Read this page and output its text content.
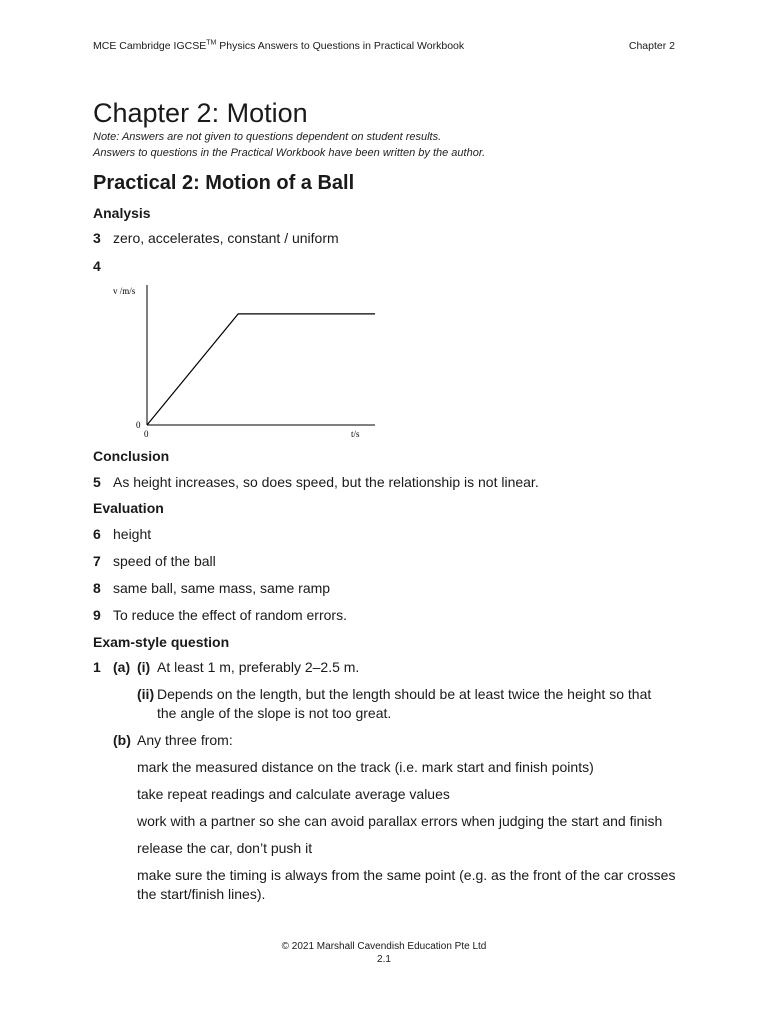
MCE Cambridge IGCSE™ Physics Answers to Questions in Practical Workbook	Chapter 2
Chapter 2: Motion
Note: Answers are not given to questions dependent on student results.
Answers to questions in the Practical Workbook have been written by the author.
Practical 2: Motion of a Ball
Analysis
3 zero, accelerates, constant / uniform
4
v /m/s
0
0	t/s
Conclusion
5 As height increases, so does speed, but the relationship is not linear.
Evaluation
6 height
7 speed of the ball
8 same ball, same mass, same ramp
9 To reduce the effect of random errors.
Exam-style question
1 (a) (i) At least 1 m, preferably 2–2.5 m.
(ii) Depends on the length, but the length should be at least twice the height so that
the angle of the slope is not too great.
(b) Any three from:
mark the measured distance on the track (i.e. mark start and finish points)
take repeat readings and calculate average values
work with a partner so she can avoid parallax errors when judging the start and finish
release the car, don’t push it
make sure the timing is always from the same point (e.g. as the front of the car crosses
the start/finish lines).
© 2021 Marshall Cavendish Education Pte Ltd
2.1
